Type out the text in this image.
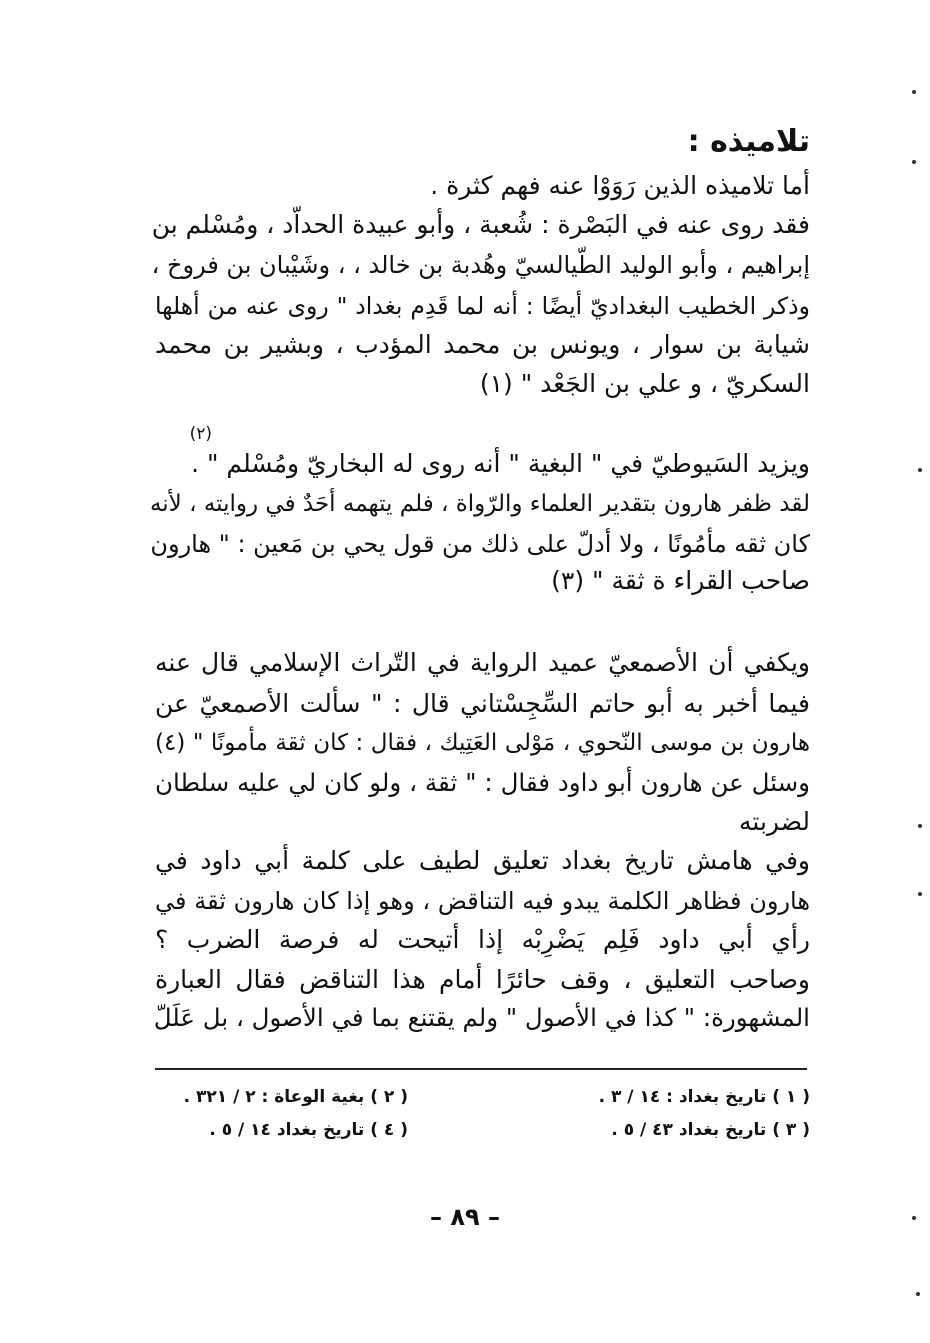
تلاميذه :
أما تلاميذه الذين رَوَوْا عنه فهم كثرة .
فقد روى عنه في البَصْرة : شُعبة ، وأبو عبيدة الحداّد ، ومُسْلم بن
إبراهيم ، وأبو الوليد الطّيالسيّ وهُدبة بن خالد ، ، وشَيْبان بن فروخ ،
وذكر الخطيب البغداديّ أيضًا : أنه لما قَدِم بغداد " روى عنه من أهلها
شيابة بن سوار ، ويونس بن محمد المؤدب ، وبشير بن محمد
السكريّ ، و علي بن الجَعْد " (١)
(٢)
ويزيد السَيوطيّ في " البغية " أنه روى له البخاريّ ومُسْلم " .
لقد ظفر هارون بتقدير العلماء والرّواة ، فلم يتهمه أحَدٌ في روايته ، لأنه
كان ثقه مأمُونًا ، ولا أدلّ على ذلك من قول يحي بن مَعين : " هارون
صاحب القراء ة ثقة " (٣)
ويكفي أن الأصمعيّ عميد الرواية في التّراث الإسلامي قال عنه
فيما أخبر به أبو حاتم السِّجِسْتاني قال : " سألت الأصمعيّ عن
هارون بن موسى النّحوي ، مَوْلى العَتِيك ، فقال : كان ثقة مأمونًا " (٤)
وسئل عن هارون أبو داود فقال : " ثقة ، ولو كان لي عليه سلطان
لضربته
وفي هامش تاريخ بغداد تعليق لطيف على كلمة أبي داود في
هارون فظاهر الكلمة يبدو فيه التناقض ، وهو إذا كان هارون ثقة في
رأي أبي داود فَلِم يَضْرِبْه إذا أتيحت له فرصة الضرب ؟
وصاحب التعليق ، وقف حائرًا أمام هذا التناقض فقال العبارة
المشهورة: " كذا في الأصول " ولم يقتنع بما في الأصول ، بل عَلَلّ
( ١ ) تاريخ بغداد : ١٤ / ٣ .
( ٢ ) بغية الوعاة : ٢ / ٣٢١ .
( ٣ ) تاريخ بغداد ٤٣ / ٥ .
( ٤ ) تاريخ بغداد ١٤ / ٥ .
– ٨٩ –
